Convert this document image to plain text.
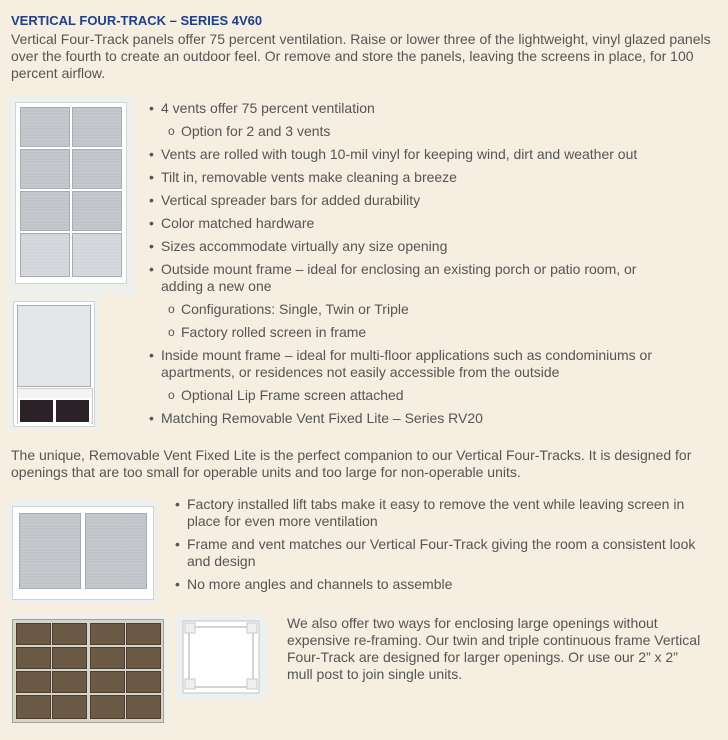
VERTICAL FOUR-TRACK – SERIES 4V60
Vertical Four-Track panels offer 75 percent ventilation. Raise or lower three of the lightweight, vinyl glazed panels over the fourth to create an outdoor feel. Or remove and store the panels, leaving the screens in place, for 100 percent airflow.
• 4 vents offer 75 percent ventilation
o Option for 2 and 3 vents
• Vents are rolled with tough 10-mil vinyl for keeping wind, dirt and weather out
• Tilt in, removable vents make cleaning a breeze
• Vertical spreader bars for added durability
• Color matched hardware
• Sizes accommodate virtually any size opening
• Outside mount frame – ideal for enclosing an existing porch or patio room, or adding a new one
o Configurations: Single, Twin or Triple
o Factory rolled screen in frame
• Inside mount frame – ideal for multi-floor applications such as condominiums or apartments, or residences not easily accessible from the outside
o Optional Lip Frame screen attached
• Matching Removable Vent Fixed Lite – Series RV20
The unique, Removable Vent Fixed Lite is the perfect companion to our Vertical Four-Tracks. It is designed for openings that are too small for operable units and too large for non-operable units.
• Factory installed lift tabs make it easy to remove the vent while leaving screen in place for even more ventilation
• Frame and vent matches our Vertical Four-Track giving the room a consistent look and design
• No more angles and channels to assemble
We also offer two ways for enclosing large openings without expensive re-framing. Our twin and triple continuous frame Vertical Four-Track are designed for larger openings. Or use our 2” x 2” mull post to join single units.
